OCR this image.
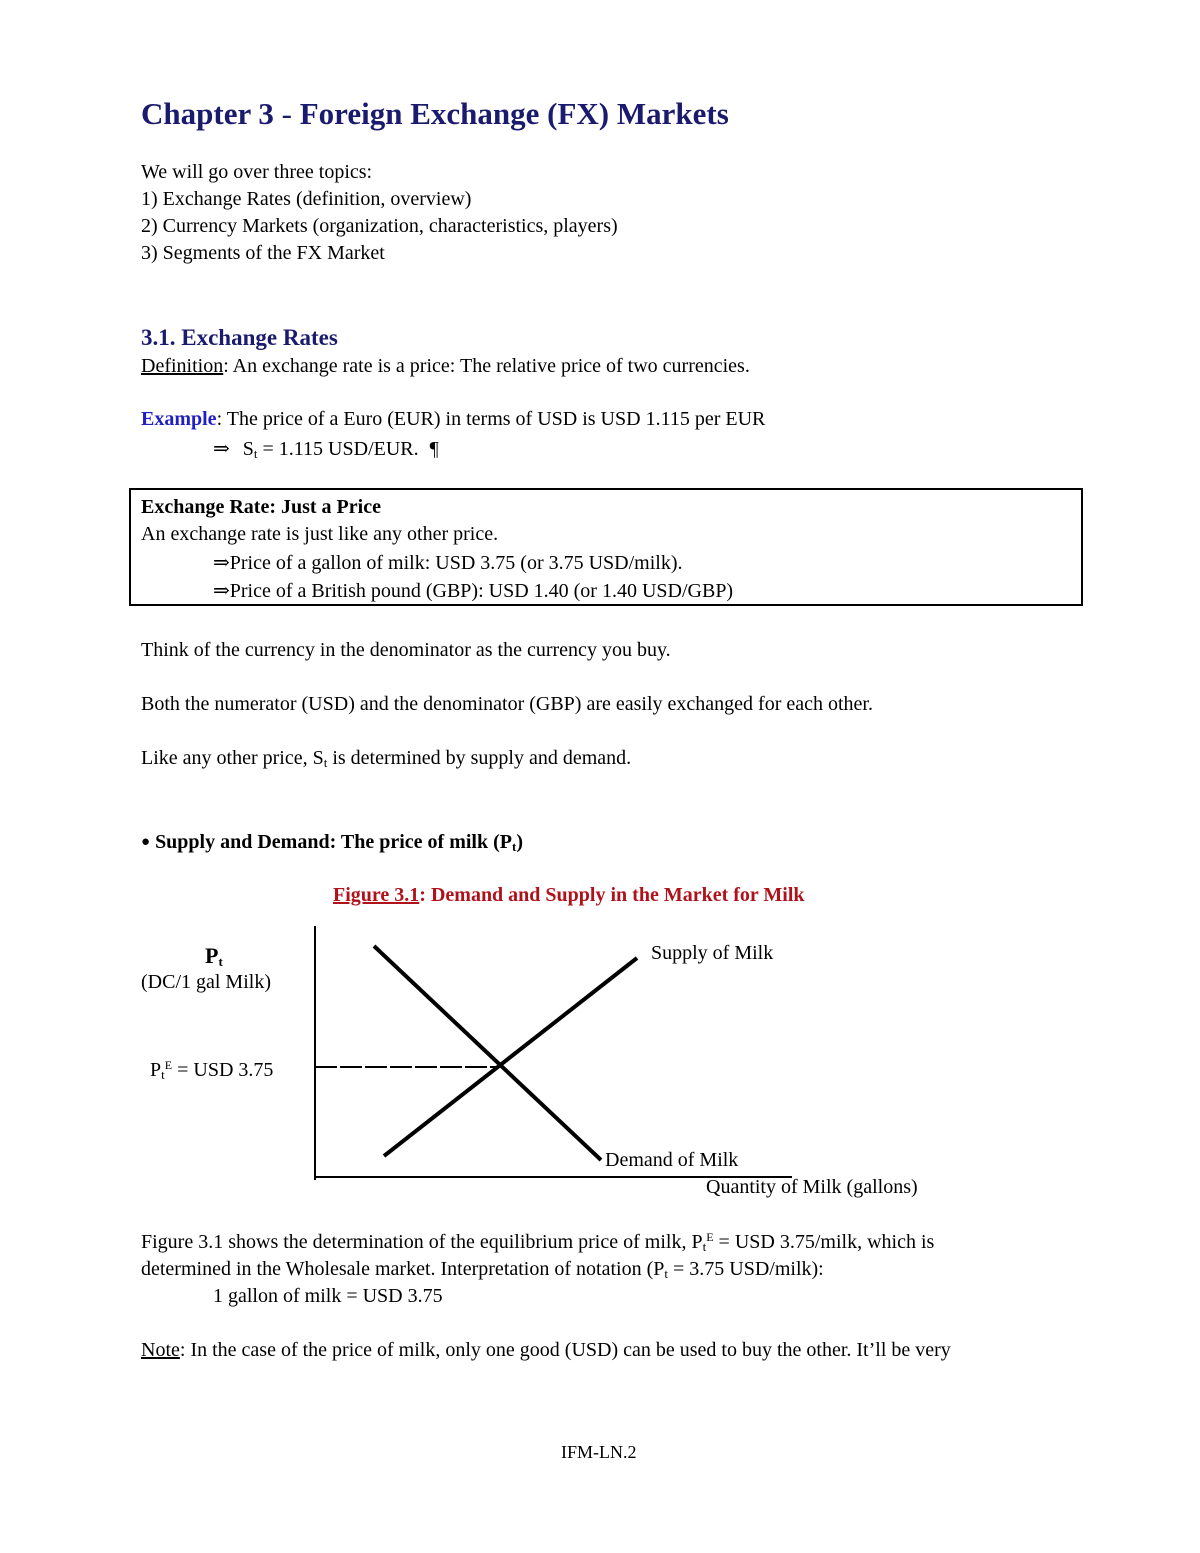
Chapter 3 - Foreign Exchange (FX) Markets
We will go over three topics:
1) Exchange Rates (definition, overview)
2) Currency Markets (organization, characteristics, players)
3) Segments of the FX Market
3.1. Exchange Rates
Definition: An exchange rate is a price: The relative price of two currencies.
Example: The price of a Euro (EUR) in terms of USD is USD 1.115 per EUR
⇒ $S_t = 1.115$ USD/EUR. ¶
Exchange Rate: Just a Price
An exchange rate is just like any other price.
⇒Price of a gallon of milk: USD 3.75 (or 3.75 USD/milk).
⇒Price of a British pound (GBP): USD 1.40 (or 1.40 USD/GBP)
Think of the currency in the denominator as the currency you buy.
Both the numerator (USD) and the denominator (GBP) are easily exchanged for each other.
Like any other price, $S_t$ is determined by supply and demand.
● Supply and Demand: The price of milk $(P_t)$
Figure 3.1: Demand and Supply in the Market for Milk
$P_t$
(DC/1 gal Milk)
$P_t^E$ = USD 3.75
Supply of Milk
Demand of Milk
Quantity of Milk (gallons)
Figure 3.1 shows the determination of the equilibrium price of milk, $P_t^E$ = USD 3.75/milk, which is
determined in the Wholesale market. Interpretation of notation ($P_t = 3.75$ USD/milk):
1 gallon of milk = USD 3.75
Note: In the case of the price of milk, only one good (USD) can be used to buy the other. It’ll be very
IFM-LN.2
